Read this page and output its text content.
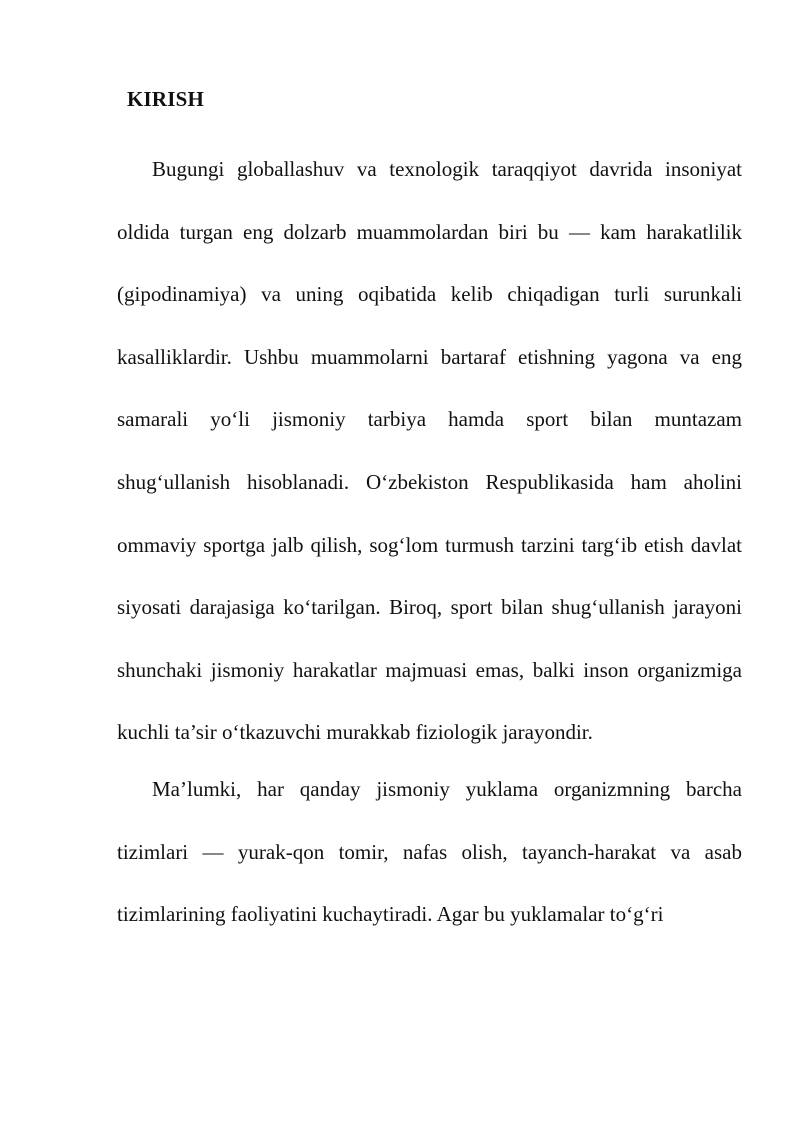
KIRISH

Bugungi globallashuv va texnologik taraqqiyot davrida insoniyat oldida turgan eng dolzarb muammolardan biri bu — kam harakatlilik (gipodinamiya) va uning oqibatida kelib chiqadigan turli surunkali kasalliklardir. Ushbu muammolarni bartaraf etishning yagona va eng samarali yo‘li jismoniy tarbiya hamda sport bilan muntazam shug‘ullanish hisoblanadi. O‘zbekiston Respublikasida ham aholini ommaviy sportga jalb qilish, sog‘lom turmush tarzini targ‘ib etish davlat siyosati darajasiga ko‘tarilgan. Biroq, sport bilan shug‘ullanish jarayoni shunchaki jismoniy harakatlar majmuasi emas, balki inson organizmiga kuchli ta’sir o‘tkazuvchi murakkab fiziologik jarayondir.

Ma’lumki, har qanday jismoniy yuklama organizmning barcha tizimlari — yurak-qon tomir, nafas olish, tayanch-harakat va asab tizimlarining faoliyatini kuchaytiradi. Agar bu yuklamalar to‘g‘ri
